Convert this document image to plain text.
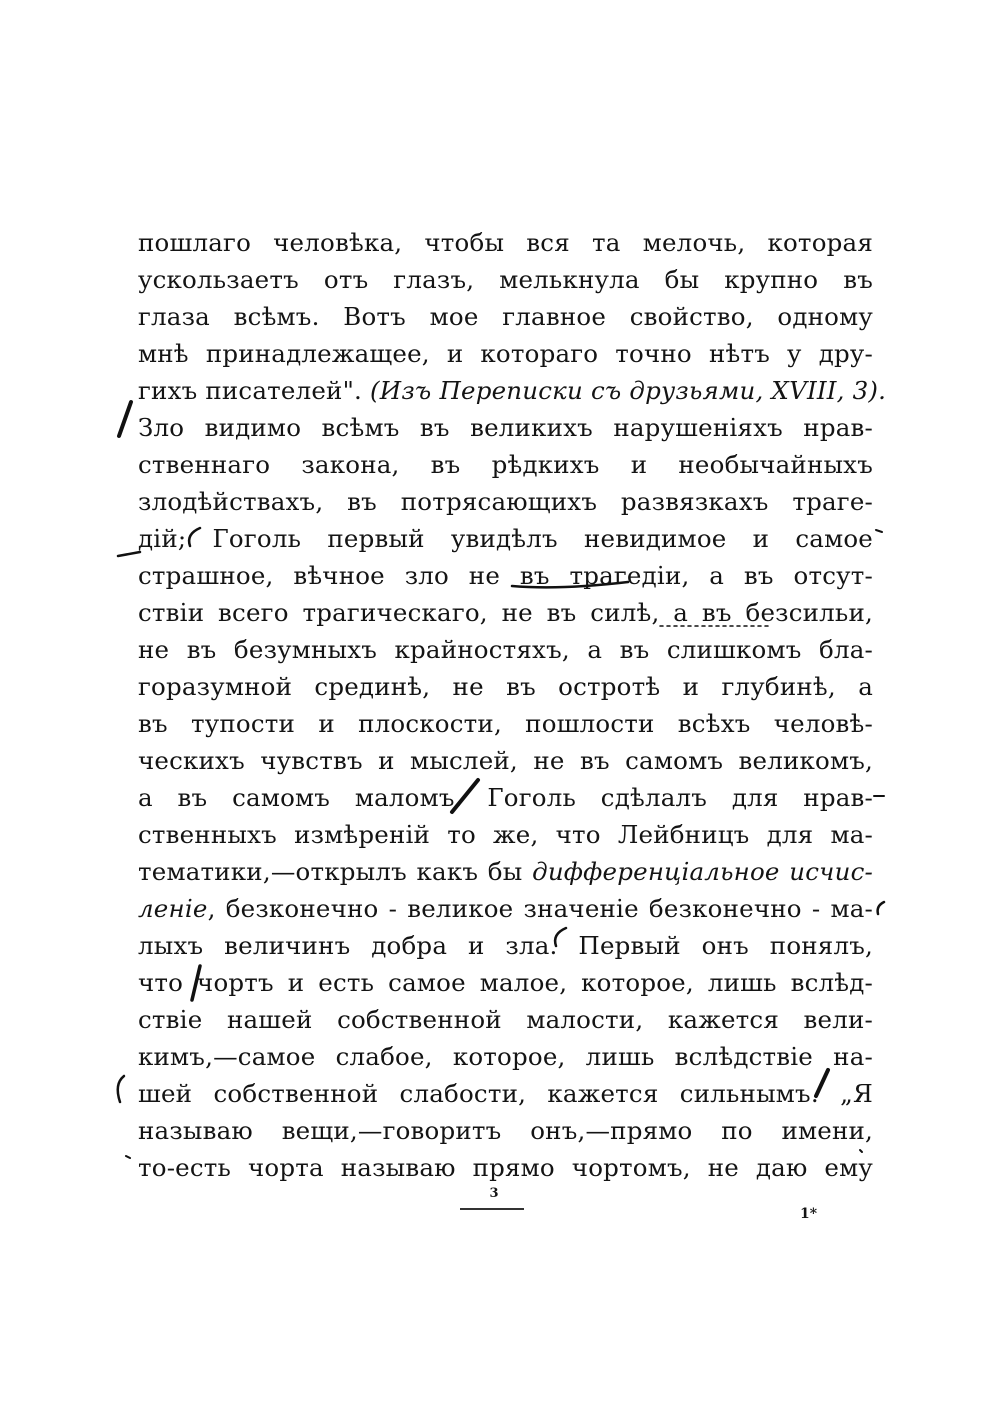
пошлаго человѣка, чтобы вся та мелочь, которая
ускользаетъ отъ глазъ, мелькнула бы крупно въ
глаза всѣмъ. Вотъ мое главное свойство, одному
мнѣ принадлежащее, и котораго точно нѣтъ у дру-
гихъ писателей". (Изъ Переписки съ друзьями, XVIII, 3).
Зло видимо всѣмъ въ великихъ нарушеніяхъ нрав-
ственнаго закона, въ рѣдкихъ и необычайныхъ
злодѣйствахъ, въ потрясающихъ развязкахъ траге-
дій; Гоголь первый увидѣлъ невидимое и самое
страшное, вѣчное зло не въ трагедіи, а въ отсут-
ствіи всего трагическаго, не въ силѣ, а въ безсильи,
не въ безумныхъ крайностяхъ, а въ слишкомъ бла-
горазумной срединѣ, не въ остротѣ и глубинѣ, а
въ тупости и плоскости, пошлости всѣхъ человѣ-
ческихъ чувствъ и мыслей, не въ самомъ великомъ,
а въ самомъ маломъ. Гоголь сдѣлалъ для нрав-
ственныхъ измѣреній то же, что Лейбницъ для ма-
тематики,—открылъ какъ бы дифференціальное исчис-
леніе, безконечно - великое значеніе безконечно - ма-
лыхъ величинъ добра и зла. Первый онъ понялъ,
что чортъ и есть самое малое, которое, лишь вслѣд-
ствіе нашей собственной малости, кажется вели-
кимъ,—самое слабое, которое, лишь вслѣдствіе на-
шей собственной слабости, кажется сильнымъ. „Я
называю вещи,—говоритъ онъ,—прямо по имени,
то-есть чорта называю прямо чортомъ, не даю ему
3
1*
